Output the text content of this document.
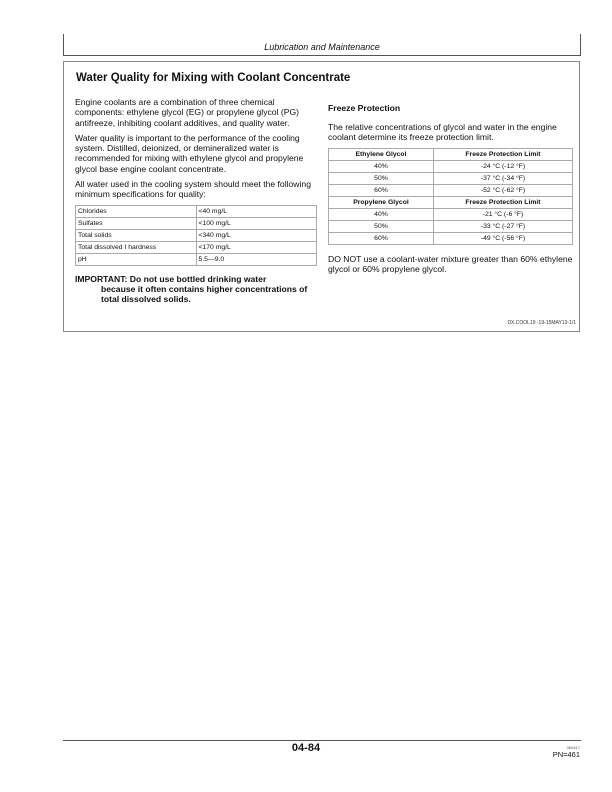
Lubrication and Maintenance
Water Quality for Mixing with Coolant Concentrate

Engine coolants are a combination of three chemical components: ethylene glycol (EG) or propylene glycol (PG) antifreeze, inhibiting coolant additives, and quality water.

Water quality is important to the performance of the cooling system. Distilled, deionized, or demineralized water is recommended for mixing with ethylene glycol and propylene glycol base engine coolant concentrate.

All water used in the cooling system should meet the following minimum specifications for quality:

Chlorides	<40 mg/L
Sulfates	<100 mg/L
Total solids	<340 mg/L
Total dissolved I hardness	<170 mg/L
pH	5.5—9.0
IMPORTANT: Do not use bottled drinking water
because it often contains higher concentrations of total dissolved solids.
Freeze Protection

The relative concentrations of glycol and water in the engine coolant determine its freeze protection limit.

Ethylene Glycol	Freeze Protection Limit
40%	-24 °C (-12 °F)
50%	-37 °C (-34 °F)
60%	-52 °C (-62 °F)
Propylene Glycol	Freeze Protection Limit
40%	-21 °C (-6 °F)
50%	-33 °C (-27 °F)
60%	-49 °C (-56 °F)

DO NOT use a coolant-water mixture greater than 60% ethylene glycol or 60% propylene glycol.

DX,COOL19 -19-15MAY13-1/1
04-84	060417
PN=461
